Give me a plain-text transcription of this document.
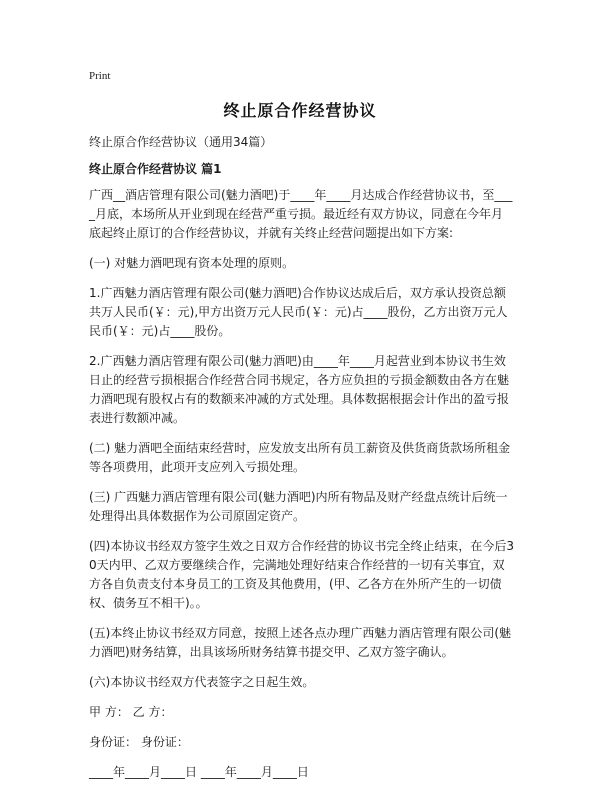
Print
终止原合作经营协议
终止原合作经营协议（通用34篇）
终止原合作经营协议 篇1

广西__酒店管理有限公司(魅力酒吧)于____年____月达成合作经营协议书，至____月底，本场所从开业到现在经营严重亏损。最近经有双方协议，同意在今年月底起终止原订的合作经营协议，并就有关终止经营问题提出如下方案:

(一) 对魅力酒吧现有资本处理的原则。

1.广西魅力酒店管理有限公司(魅力酒吧)合作协议达成后后，双方承认投资总额共万人民币(￥：元),甲方出资万元人民币(￥：元)占____股份，乙方出资万元人民币(￥：元)占____股份。

2.广西魅力酒店管理有限公司(魅力酒吧)由____年____月起营业到本协议书生效日止的经营亏损根据合作经营合同书规定，各方应负担的亏损金额数由各方在魅力酒吧现有股权占有的数额来冲减的方式处理。具体数据根据会计作出的盈亏报表进行数额冲减。

(二) 魅力酒吧全面结束经营时，应发放支出所有员工薪资及供货商货款场所租金等各项费用，此项开支应列入亏损处理。

(三) 广西魅力酒店管理有限公司(魅力酒吧)内所有物品及财产经盘点统计后统一处理得出具体数据作为公司原固定资产。

(四)本协议书经双方签字生效之日双方合作经营的协议书完全终止结束，在今后30天内甲、乙双方要继续合作，完满地处理好结束合作经营的一切有关事宜，双方各自负责支付本身员工的工资及其他费用，(甲、乙各方在外所产生的一切债权、债务互不相干)。。

(五)本终止协议书经双方同意，按照上述各点办理广西魅力酒店管理有限公司(魅力酒吧)财务结算，出具该场所财务结算书提交甲、乙双方签字确认。

(六)本协议书经双方代表签字之日起生效。

甲 方： 乙 方：

身份证： 身份证：

____年____月____日 ____年____月____日
